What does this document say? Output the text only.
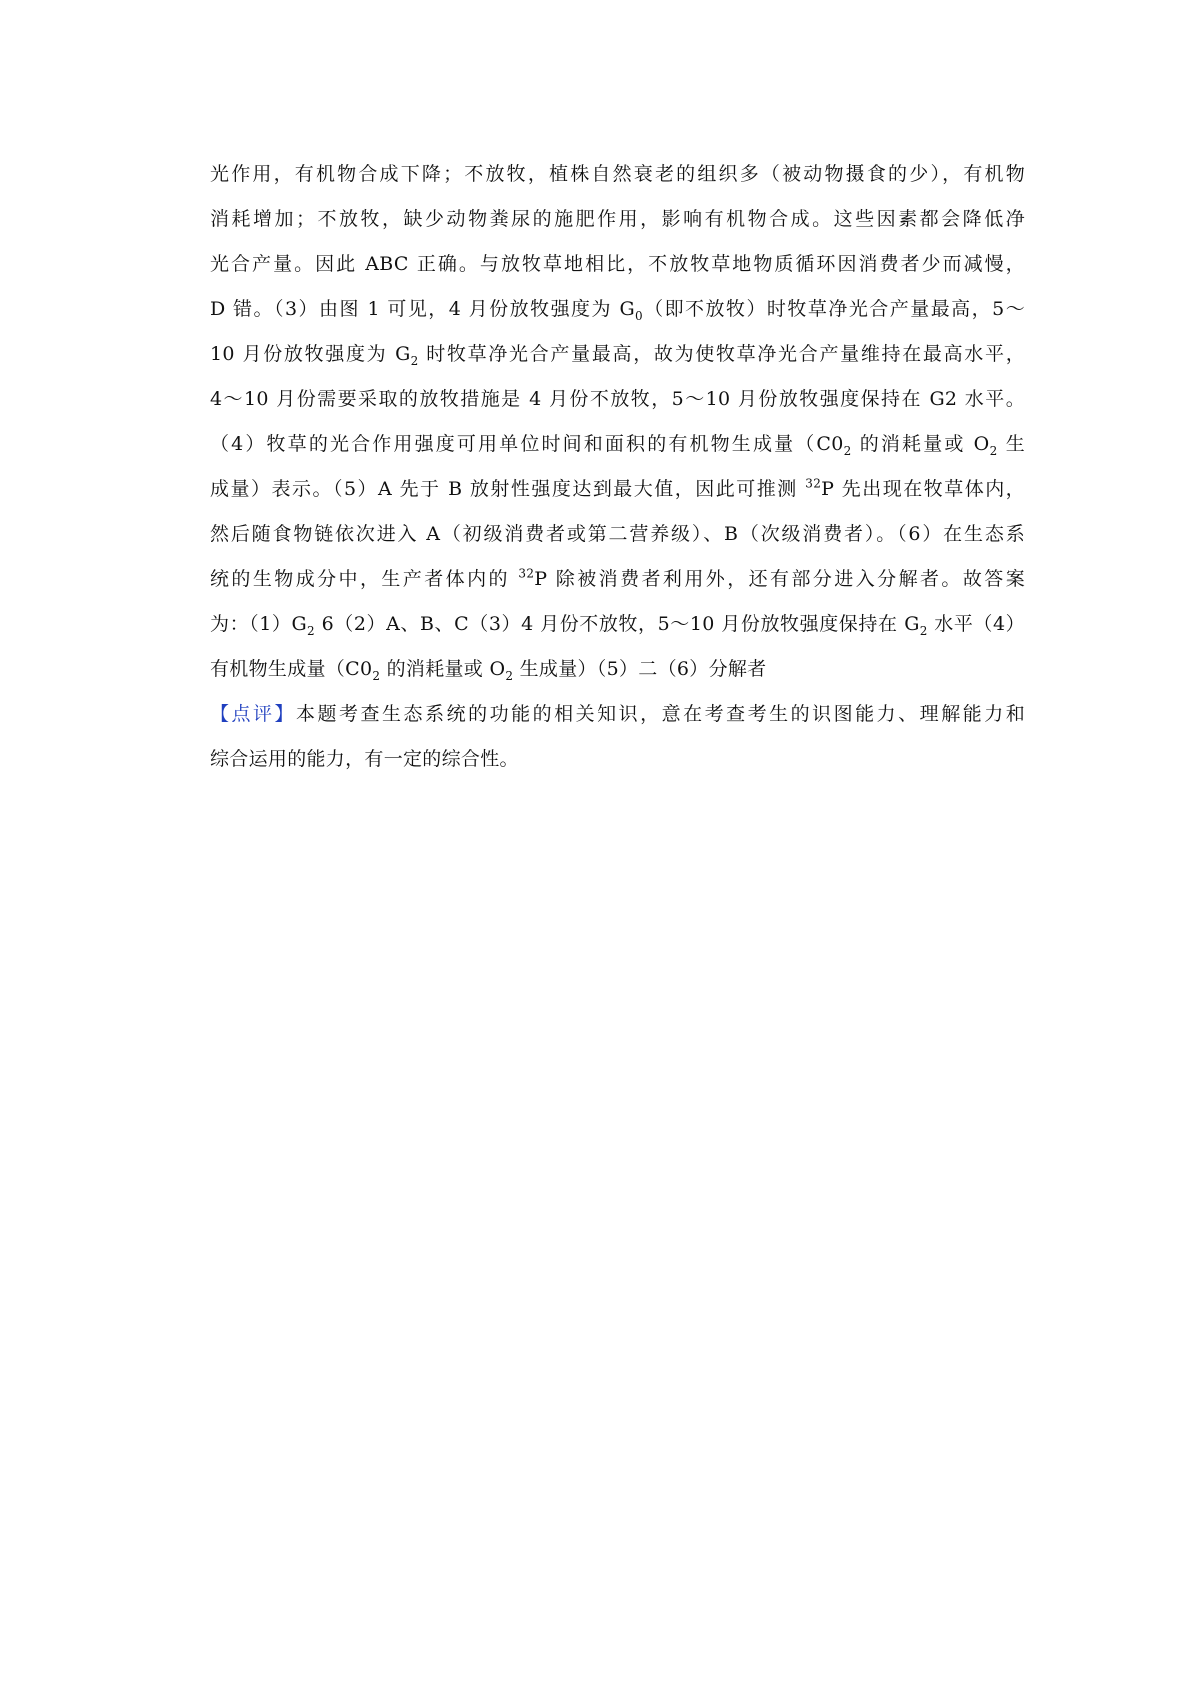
光作用，有机物合成下降；不放牧，植株自然衰老的组织多（被动物摄食的少），有机物
消耗增加；不放牧，缺少动物粪尿的施肥作用，影响有机物合成。这些因素都会降低净
光合产量。因此 ABC 正确。与放牧草地相比，不放牧草地物质循环因消费者少而减慢，
D 错。（3）由图 1 可见，4 月份放牧强度为 $G_0$（即不放牧）时牧草净光合产量最高，5～
10 月份放牧强度为 $G_2$ 时牧草净光合产量最高，故为使牧草净光合产量维持在最高水平，
4～10 月份需要采取的放牧措施是 4 月份不放牧，5～10 月份放牧强度保持在 G2 水平。
（4）牧草的光合作用强度可用单位时间和面积的有机物生成量（$C0_2$ 的消耗量或 $O_2$ 生
成量）表示。（5）A 先于 B 放射性强度达到最大值，因此可推测 $^{32}$P 先出现在牧草体内，
然后随食物链依次进入 A（初级消费者或第二营养级）、B（次级消费者）。（6）在生态系
统的生物成分中，生产者体内的 $^{32}$P 除被消费者利用外，还有部分进入分解者。故答案
为：$(1)G_2$ 6（2）A、B、C（3）4 月份不放牧，5～10 月份放牧强度保持在 $G_2$ 水平（4）
有机物生成量（$C0_2$ 的消耗量或 $O_2$ 生成量）（5）二（6）分解者
【点评】本题考查生态系统的功能的相关知识，意在考查考生的识图能力、理解能力和
综合运用的能力，有一定的综合性。
